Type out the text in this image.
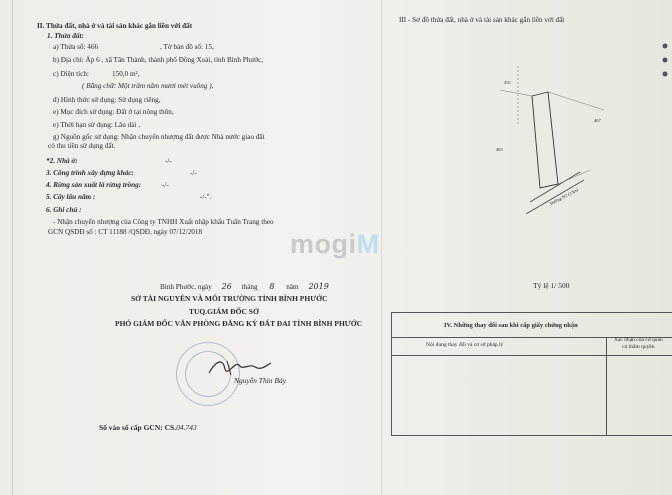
II. Thửa đất, nhà ở và tài sản khác gắn liền với đất
1. Thửa đất:
a) Thửa số: 466	, Tờ bản đồ số: 15,
b) Địa chỉ: Ấp 6 , xã Tân Thành, thành phố Đồng Xoài, tỉnh Bình Phước,
c) Diện tích:	150,0 m²,
( Bằng chữ: Một trăm năm mươi mét vuông ),
d) Hình thức sử dụng: Sử dụng riêng,
e) Mục đích sử dụng: Đất ở tại nông thôn,
e) Thời hạn sử dụng: Lâu dài ,
g) Nguồn gốc sử dụng: Nhận chuyển nhượng đất được Nhà nước giao đất
có thu tiền sử dụng đất.
*2. Nhà ở:	-/-
3. Công trình xây dựng khác:	-/-
4. Rừng sản xuất là rừng trồng:	-/-
5. Cây lâu năm :	-/-".
6. Ghi chú :
- Nhận chuyển nhượng của Công ty TNHH Xuất nhập khẩu Tuấn Trang theo
GCN QSDĐ số : CT 11188 /QSDĐ, ngày 07/12/2018
Bình Phước, ngày 26 tháng 8 năm 2019
SỞ TÀI NGUYÊN VÀ MÔI TRƯỜNG TỈNH BÌNH PHƯỚC
TUQ.GIÁM ĐỐC SỞ
PHÓ GIÁM ĐỐC VĂN PHÒNG ĐĂNG KÝ ĐẤT ĐAI TỈNH BÌNH PHƯỚC
Nguyễn Thìn Bảy
Số vào sổ cấp GCN: CS.04.743
III - Sơ đồ thửa đất, nhà ở và tài sản khác gắn liền với đất
455
467
465
Đường N2 (13m)
Tỷ lệ 1/ 500
IV. Những thay đổi sau khi cấp giấy chứng nhận
Nội dung thay đổi và cơ sở pháp lý
Xác nhận của cơ quan
có thẩm quyền
mogiM
